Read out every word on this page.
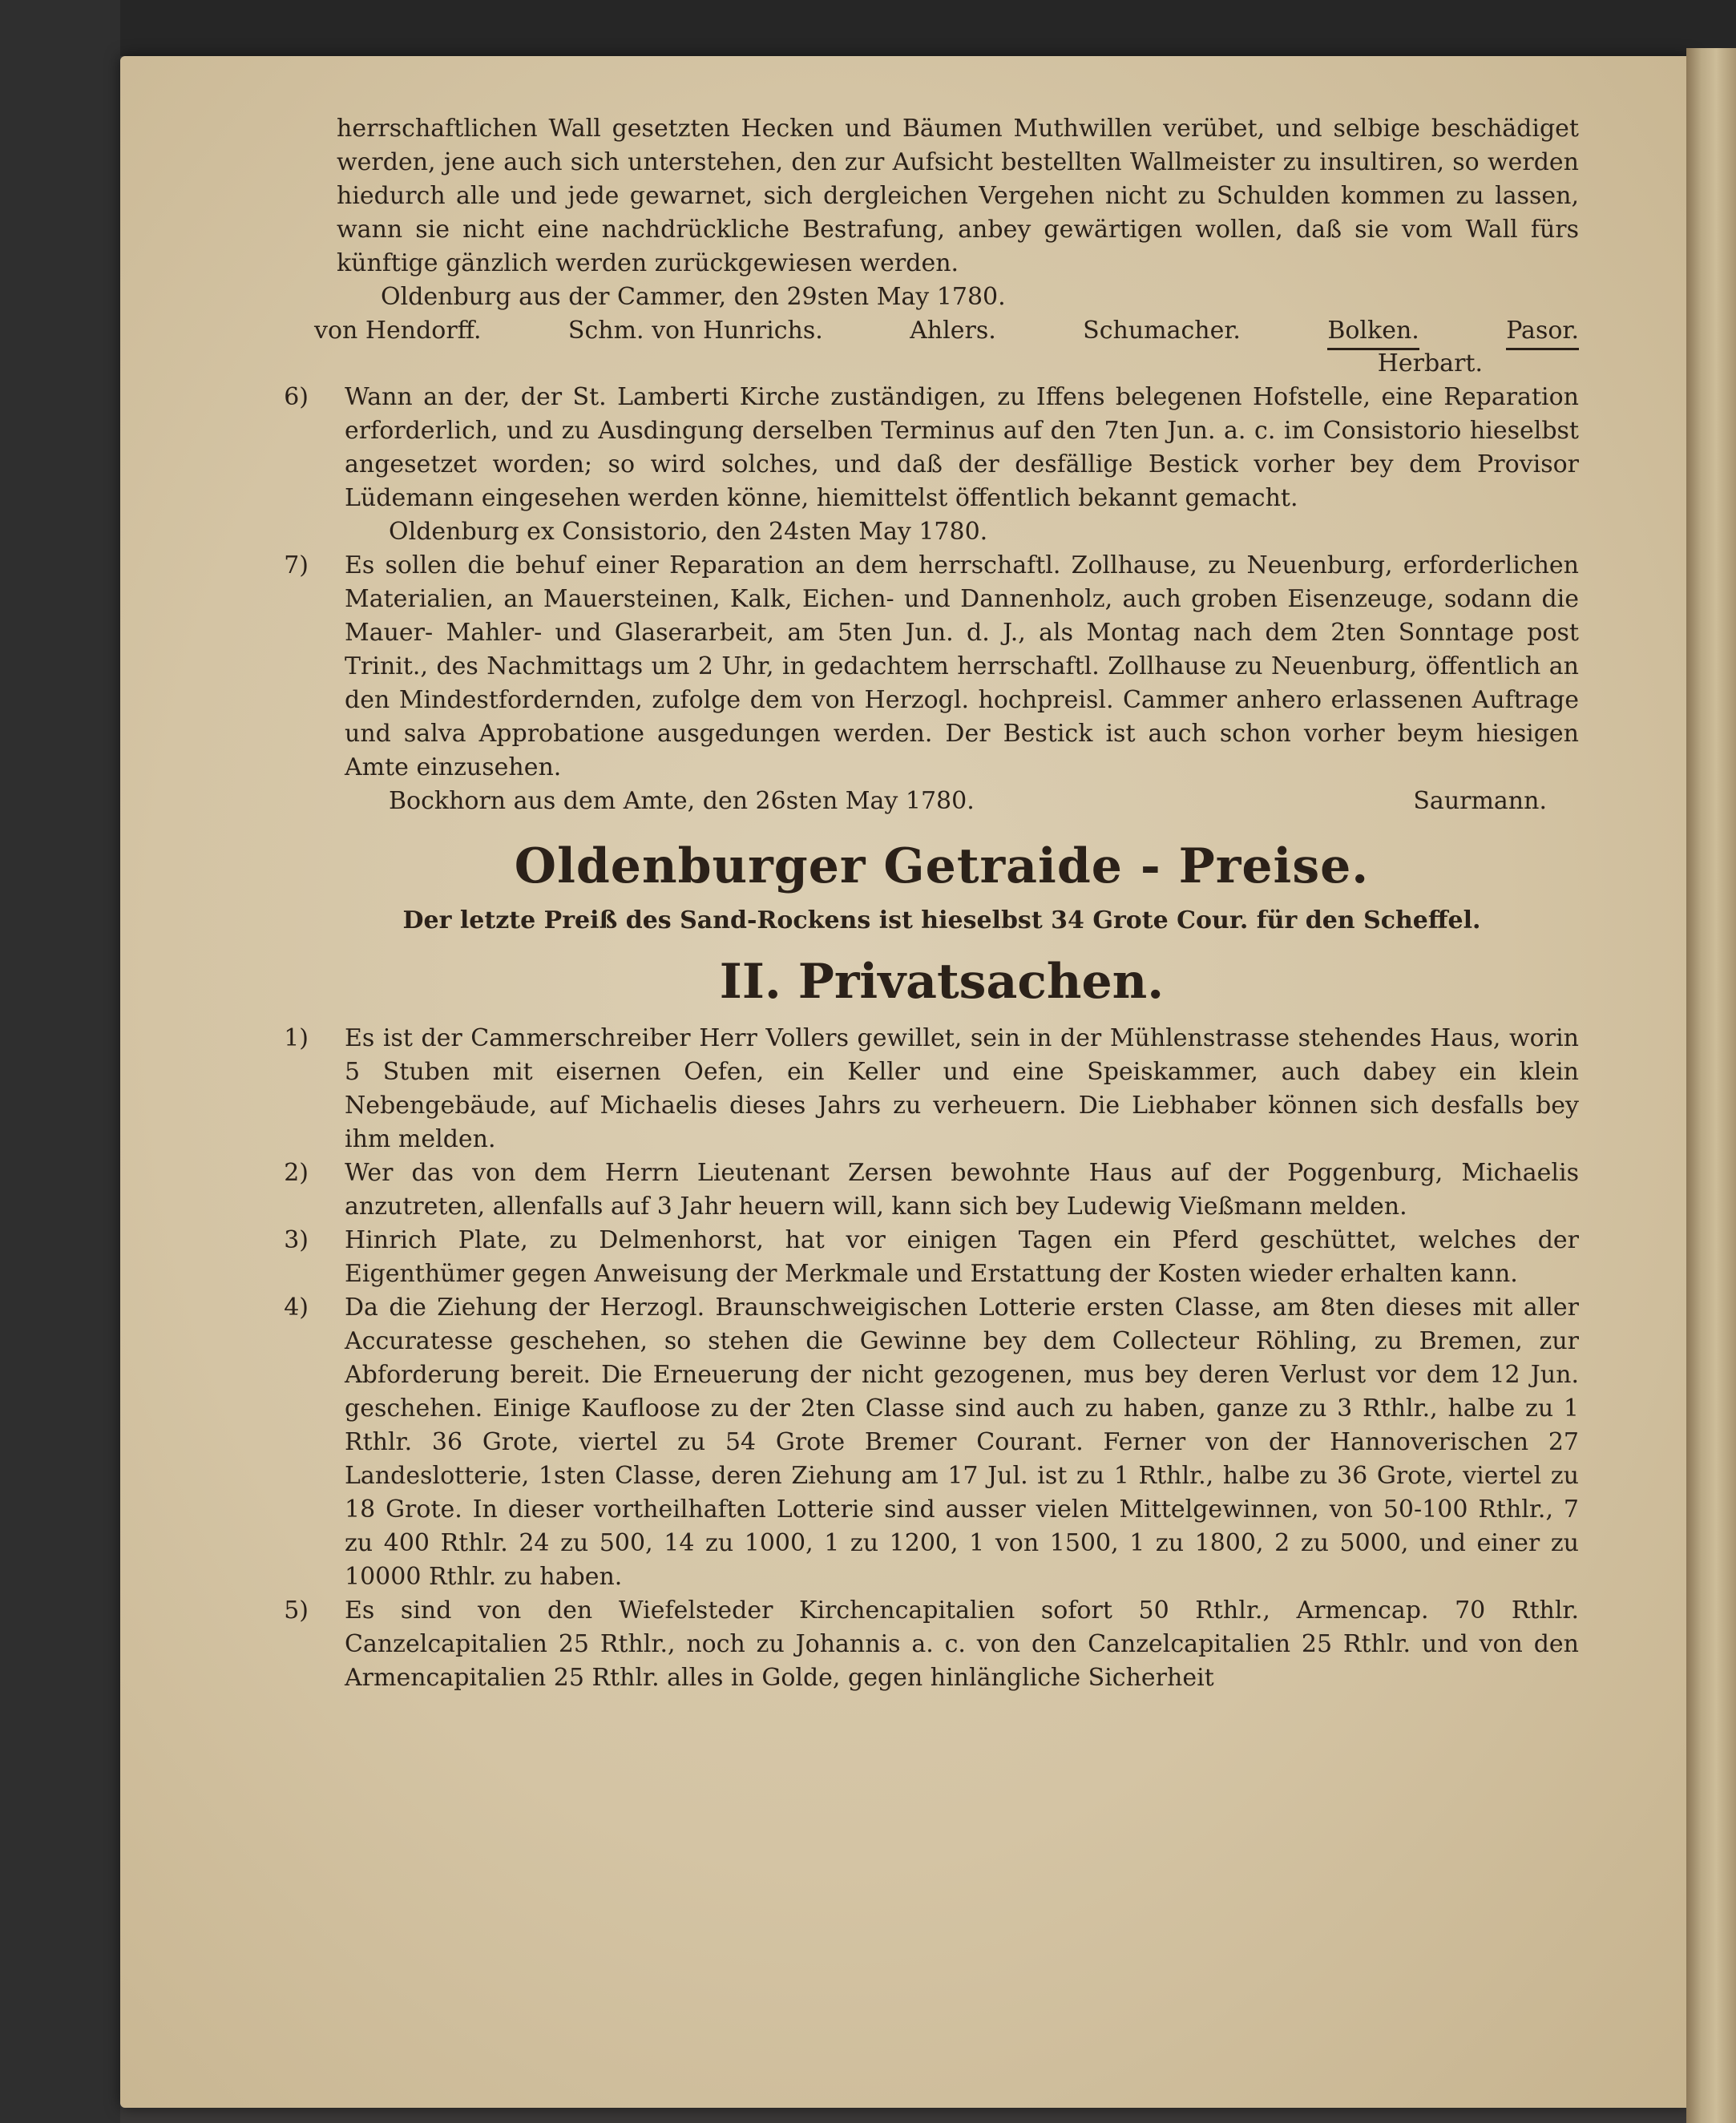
herrschaftlichen Wall gesetzten Hecken und Bäumen Muthwillen verübet, und selbige beschädiget werden, jene auch sich unterstehen, den zur Aufsicht bestellten Wallmeister zu insultiren, so werden hiedurch alle und jede gewarnet, sich dergleichen Vergehen nicht zu Schulden kommen zu lassen, wann sie nicht eine nachdrückliche Bestrafung, anbey gewärtigen wollen, daß sie vom Wall fürs künftige gänzlich werden zurückgewiesen werden.

Oldenburg aus der Cammer, den 29sten May 1780.

von Hendorff.	Schm. von Hunrichs.	Ahlers.	Schumacher.	Bolken.	Pasor.
Herbart.
6) Wann an der, der St. Lamberti Kirche zuständigen, zu Iffens belegenen Hofstelle, eine Reparation erforderlich, und zu Ausdingung derselben Terminus auf den 7ten Jun. a. c. im Consistorio hieselbst angesetzet worden; so wird solches, und daß der desfällige Bestick vorher bey dem Provisor Lüdemann eingesehen werden könne, hiemittelst öffentlich bekannt gemacht.

Oldenburg ex Consistorio, den 24sten May 1780.
7) Es sollen die behuf einer Reparation an dem herrschaftl. Zollhause, zu Neuenburg, erforderlichen Materialien, an Mauersteinen, Kalk, Eichen- und Dannenholz, auch groben Eisenzeuge, sodann die Mauer- Mahler- und Glaserarbeit, am 5ten Jun. d. J., als Montag nach dem 2ten Sonntage post Trinit., des Nachmittags um 2 Uhr, in gedachtem herrschaftl. Zollhause zu Neuenburg, öffentlich an den Mindestfordernden, zufolge dem von Herzogl. hochpreisl. Cammer anhero erlassenen Auftrage und salva Approbatione ausgedungen werden. Der Bestick ist auch schon vorher beym hiesigen Amte einzusehen.

Bockhorn aus dem Amte, den 26sten May 1780.	Saurmann.
Oldenburger Getraide - Preise.
Der letzte Preiß des Sand-Rockens ist hieselbst 34 Grote Cour. für den Scheffel.
II. Privatsachen.
1) Es ist der Cammerschreiber Herr Vollers gewillet, sein in der Mühlenstrasse stehendes Haus, worin 5 Stuben mit eisernen Oefen, ein Keller und eine Speiskammer, auch dabey ein klein Nebengebäude, auf Michaelis dieses Jahrs zu verheuern. Die Liebhaber können sich desfalls bey ihm melden.

2) Wer das von dem Herrn Lieutenant Zersen bewohnte Haus auf der Poggenburg, Michaelis anzutreten, allenfalls auf 3 Jahr heuern will, kann sich bey Ludewig Vießmann melden.

3) Hinrich Plate, zu Delmenhorst, hat vor einigen Tagen ein Pferd geschüttet, welches der Eigenthümer gegen Anweisung der Merkmale und Erstattung der Kosten wieder erhalten kann.

4) Da die Ziehung der Herzogl. Braunschweigischen Lotterie ersten Classe, am 8ten dieses mit aller Accuratesse geschehen, so stehen die Gewinne bey dem Collecteur Röhling, zu Bremen, zur Abforderung bereit. Die Erneuerung der nicht gezogenen, mus bey deren Verlust vor dem 12 Jun. geschehen. Einige Kaufloose zu der 2ten Classe sind auch zu haben, ganze zu 3 Rthlr., halbe zu 1 Rthlr. 36 Grote, viertel zu 54 Grote Bremer Courant. Ferner von der Hannoverischen 27 Landeslotterie, 1sten Classe, deren Ziehung am 17 Jul. ist zu 1 Rthlr., halbe zu 36 Grote, viertel zu 18 Grote. In dieser vortheilhaften Lotterie sind ausser vielen Mittelgewinnen, von 50-100 Rthlr., 7 zu 400 Rthlr. 24 zu 500, 14 zu 1000, 1 zu 1200, 1 von 1500, 1 zu 1800, 2 zu 5000, und einer zu 10000 Rthlr. zu haben.

5) Es sind von den Wiefelsteder Kirchencapitalien sofort 50 Rthlr., Armencap. 70 Rthlr. Canzelcapitalien 25 Rthlr., noch zu Johannis a. c. von den Canzelcapitalien 25 Rthlr. und von den Armencapitalien 25 Rthlr. alles in Golde, gegen hinlängliche Sicherheit
